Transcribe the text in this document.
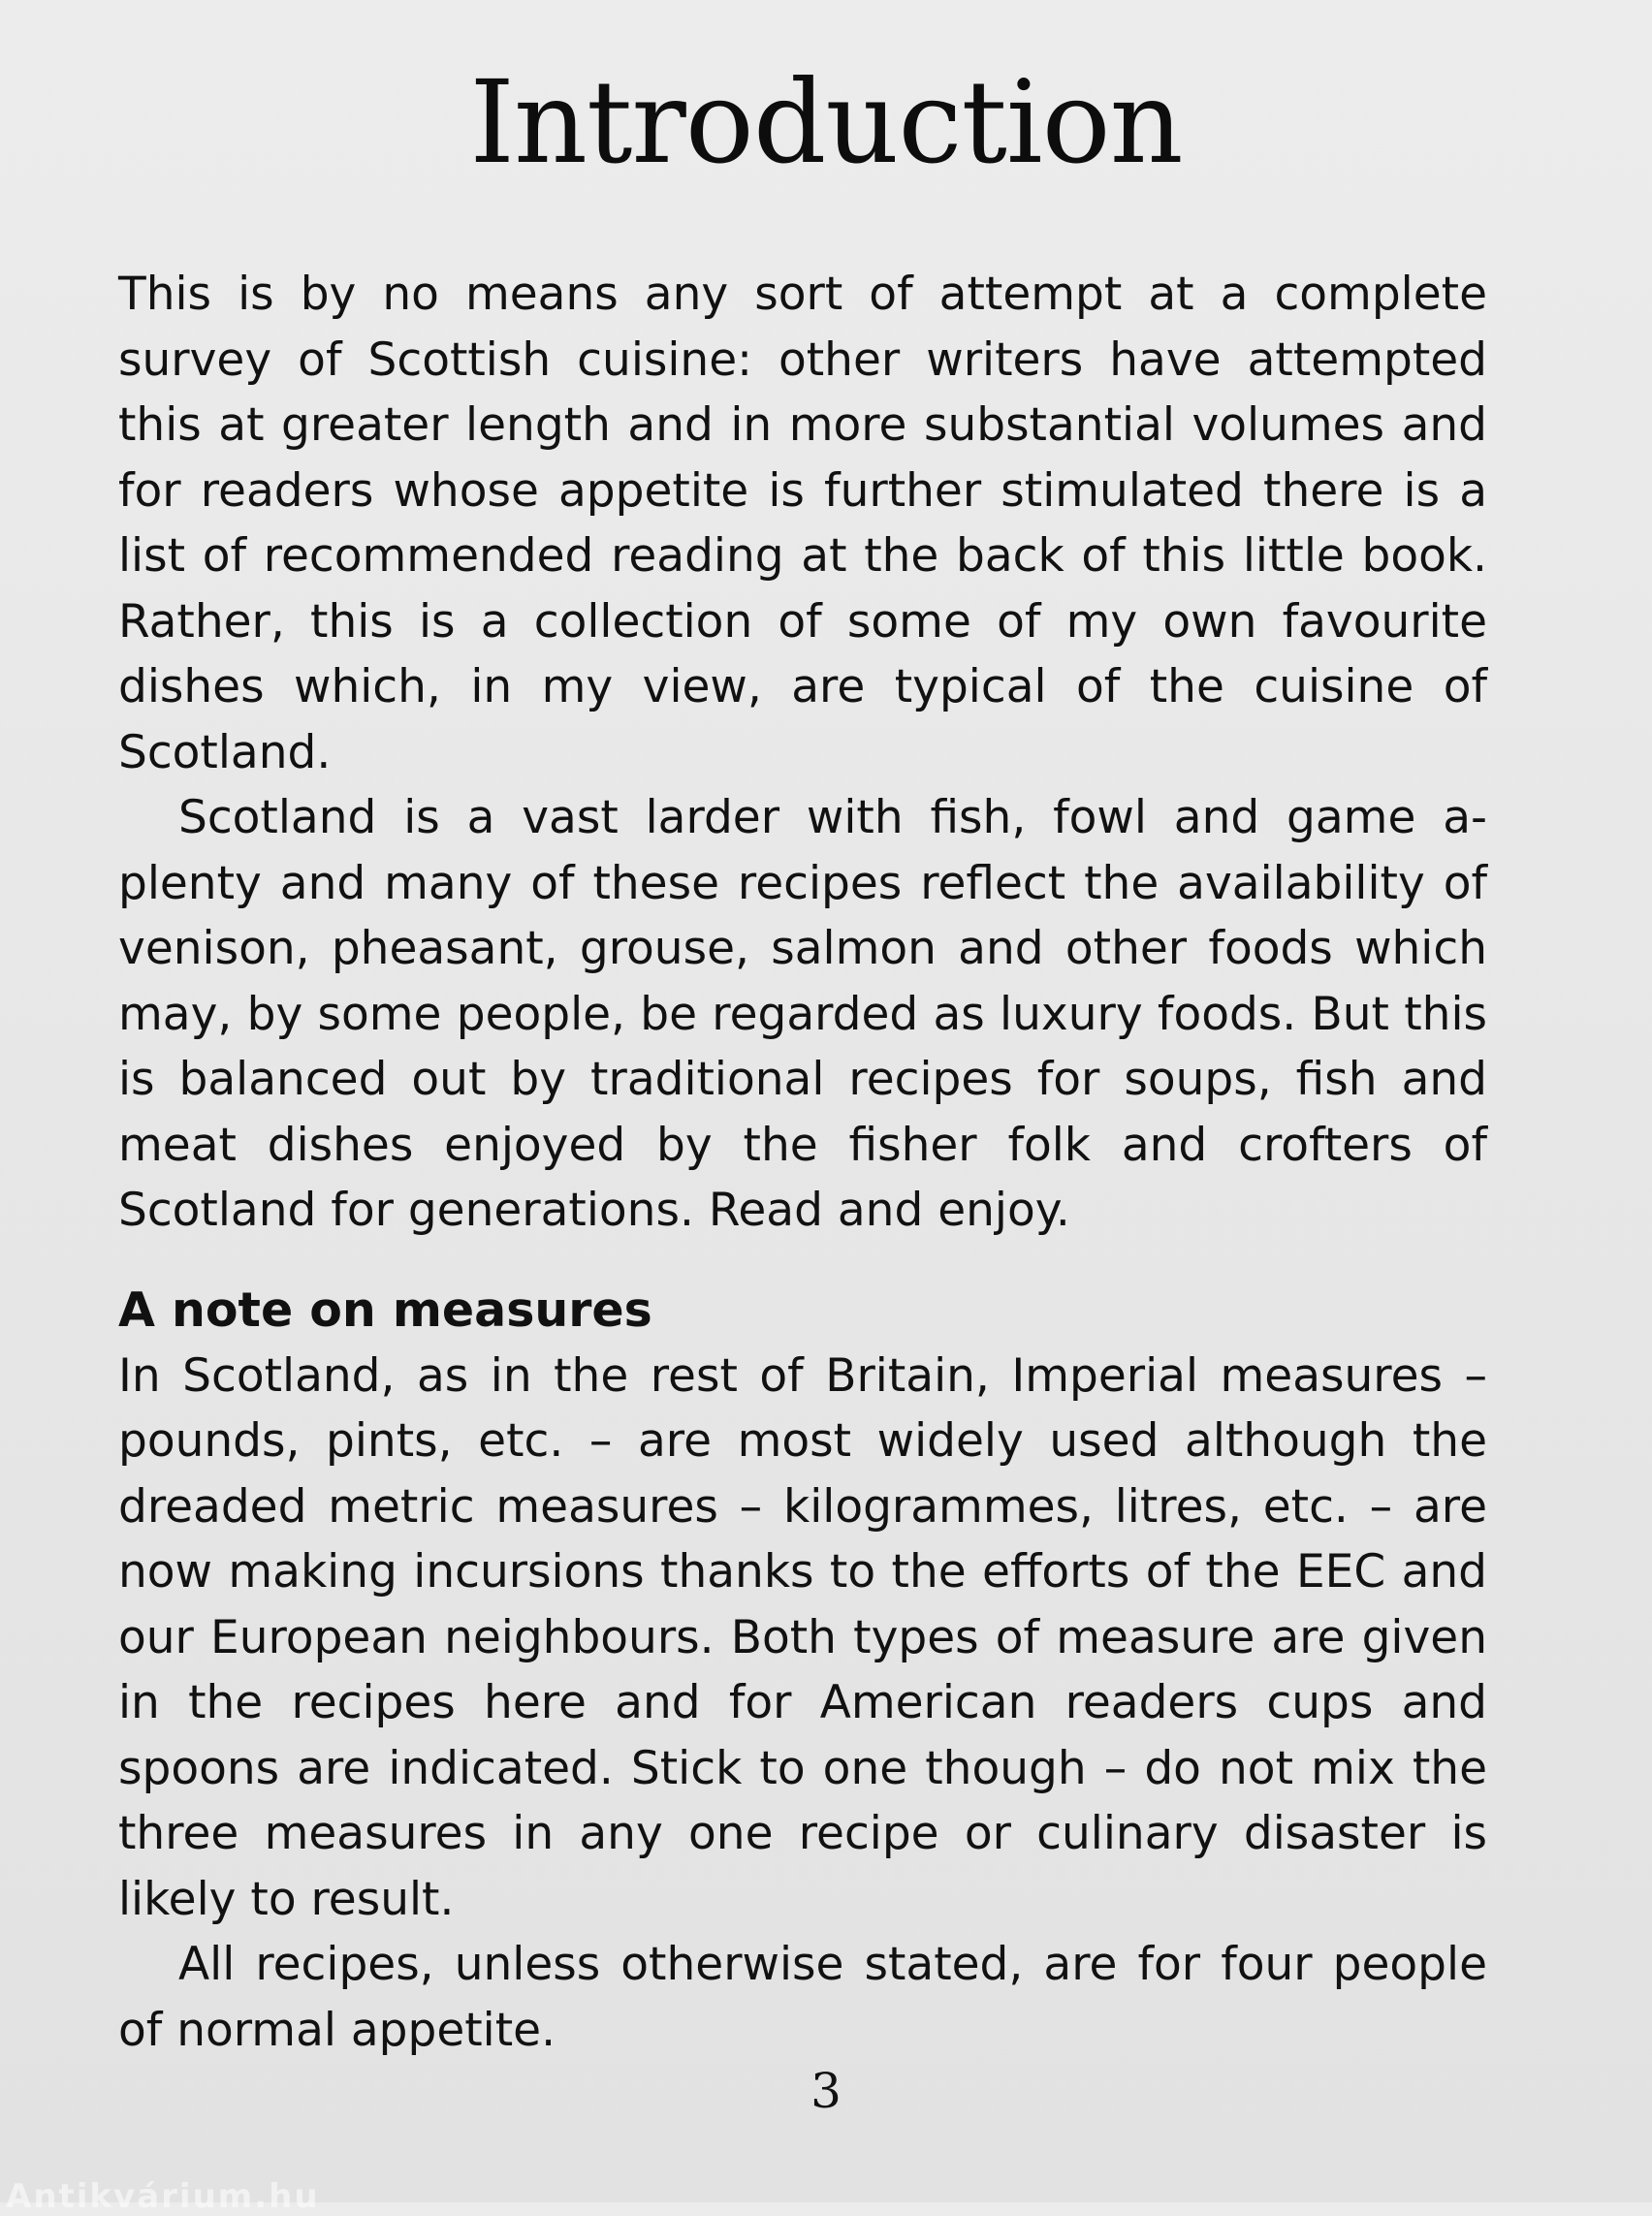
Introduction

This is by no means any sort of attempt at a complete survey of Scottish cuisine: other writers have attempted this at greater length and in more substantial volumes and for readers whose appetite is further stimulated there is a list of recommended reading at the back of this little book. Rather, this is a collection of some of my own favourite dishes which, in my view, are typical of the cuisine of Scotland.

Scotland is a vast larder with fish, fowl and game a-plenty and many of these recipes reflect the availability of venison, pheasant, grouse, salmon and other foods which may, by some people, be regarded as luxury foods. But this is balanced out by traditional recipes for soups, fish and meat dishes enjoyed by the fisher folk and crofters of Scotland for generations. Read and enjoy.

A note on measures

In Scotland, as in the rest of Britain, Imperial measures – pounds, pints, etc. – are most widely used although the dreaded metric measures – kilogrammes, litres, etc. – are now making incursions thanks to the efforts of the EEC and our European neighbours. Both types of measure are given in the recipes here and for American readers cups and spoons are indicated. Stick to one though – do not mix the three measures in any one recipe or culinary disaster is likely to result.

All recipes, unless otherwise stated, are for four people of normal appetite.

3
Antikvárium.hu
